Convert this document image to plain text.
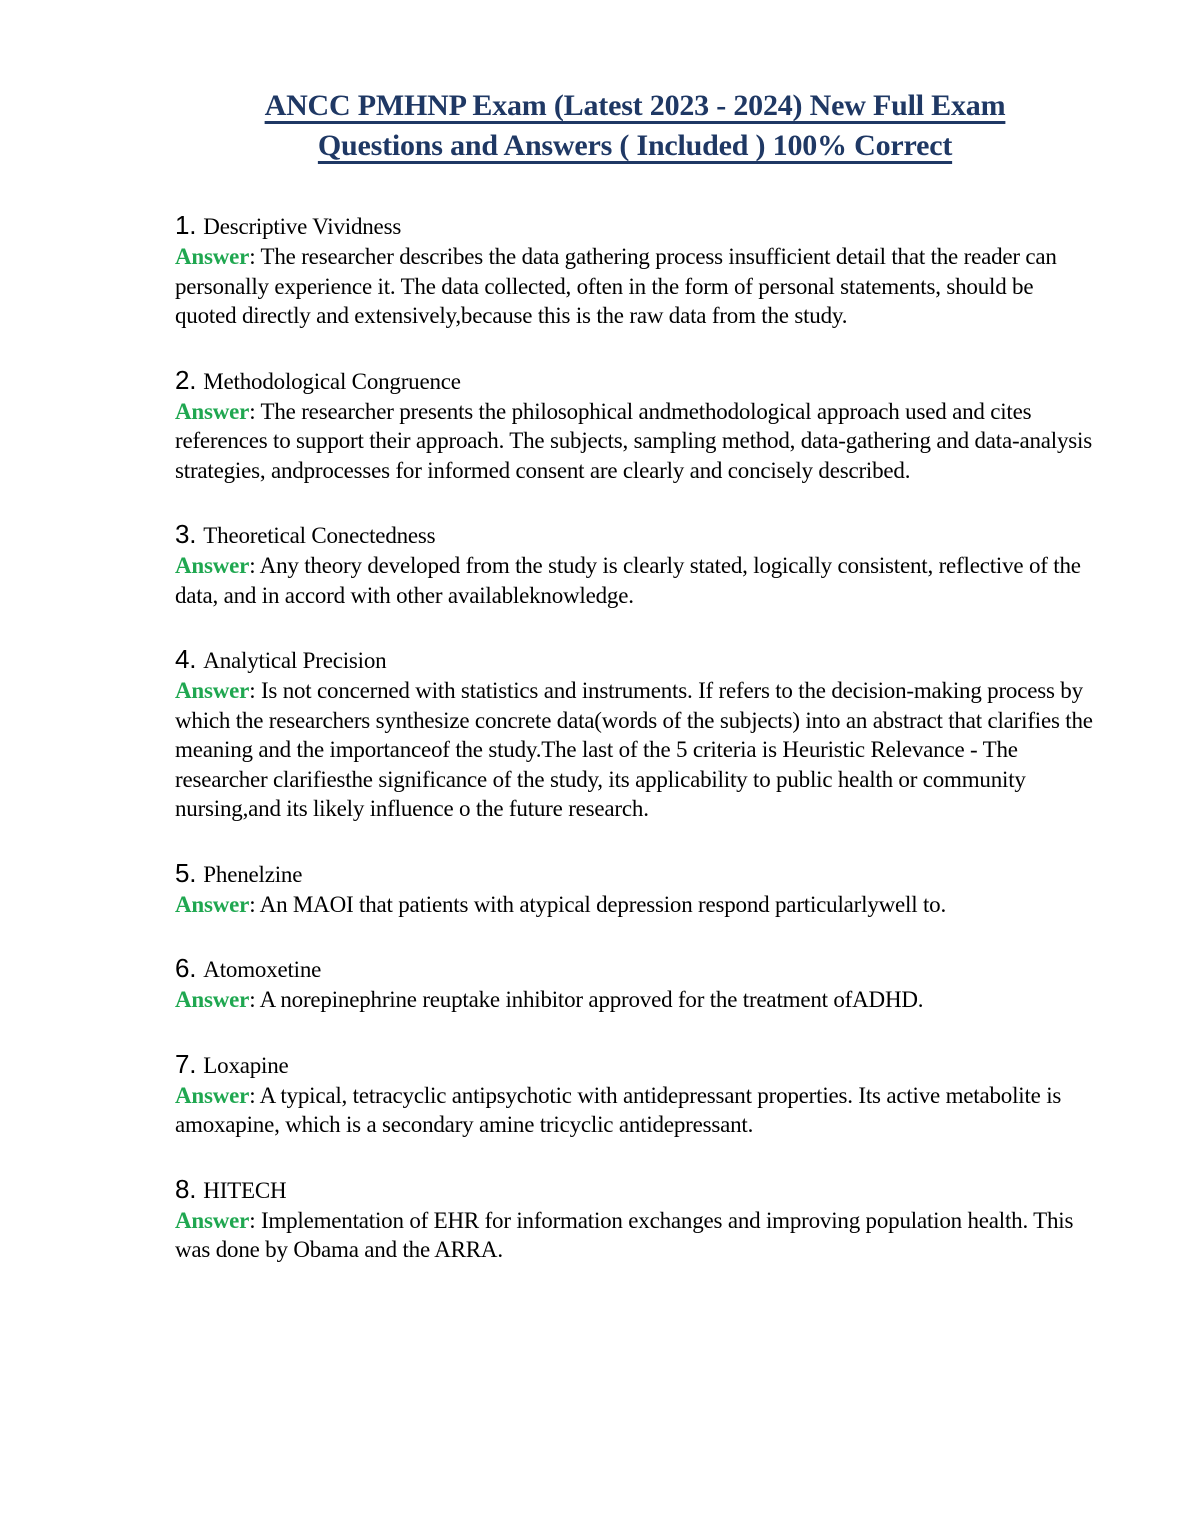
ANCC PMHNP Exam (Latest 2023 - 2024) New Full Exam
Questions and Answers ( Included ) 100% Correct
1. Descriptive Vividness

Answer: The researcher describes the data gathering process insufficient detail that the reader can personally experience it. The data collected, often in the form of personal statements, should be quoted directly and extensively,because this is the raw data from the study.

2. Methodological Congruence

Answer: The researcher presents the philosophical andmethodological approach used and cites references to support their approach. The subjects, sampling method, data-gathering and data-analysis strategies, andprocesses for informed consent are clearly and concisely described.

3. Theoretical Conectedness

Answer: Any theory developed from the study is clearly stated, logically consistent, reflective of the data, and in accord with other availableknowledge.

4. Analytical Precision

Answer: Is not concerned with statistics and instruments. If refers to the decision-making process by which the researchers synthesize concrete data(words of the subjects) into an abstract that clarifies the meaning and the importanceof the study.The last of the 5 criteria is Heuristic Relevance - The researcher clarifiesthe significance of the study, its applicability to public health or community nursing,and its likely influence o the future research.

5. Phenelzine

Answer: An MAOI that patients with atypical depression respond particularlywell to.

6. Atomoxetine

Answer: A norepinephrine reuptake inhibitor approved for the treatment ofADHD.

7. Loxapine

Answer: A typical, tetracyclic antipsychotic with antidepressant properties. Its active metabolite is amoxapine, which is a secondary amine tricyclic antidepressant.

8. HITECH

Answer: Implementation of EHR for information exchanges and improving population health. This was done by Obama and the ARRA.
